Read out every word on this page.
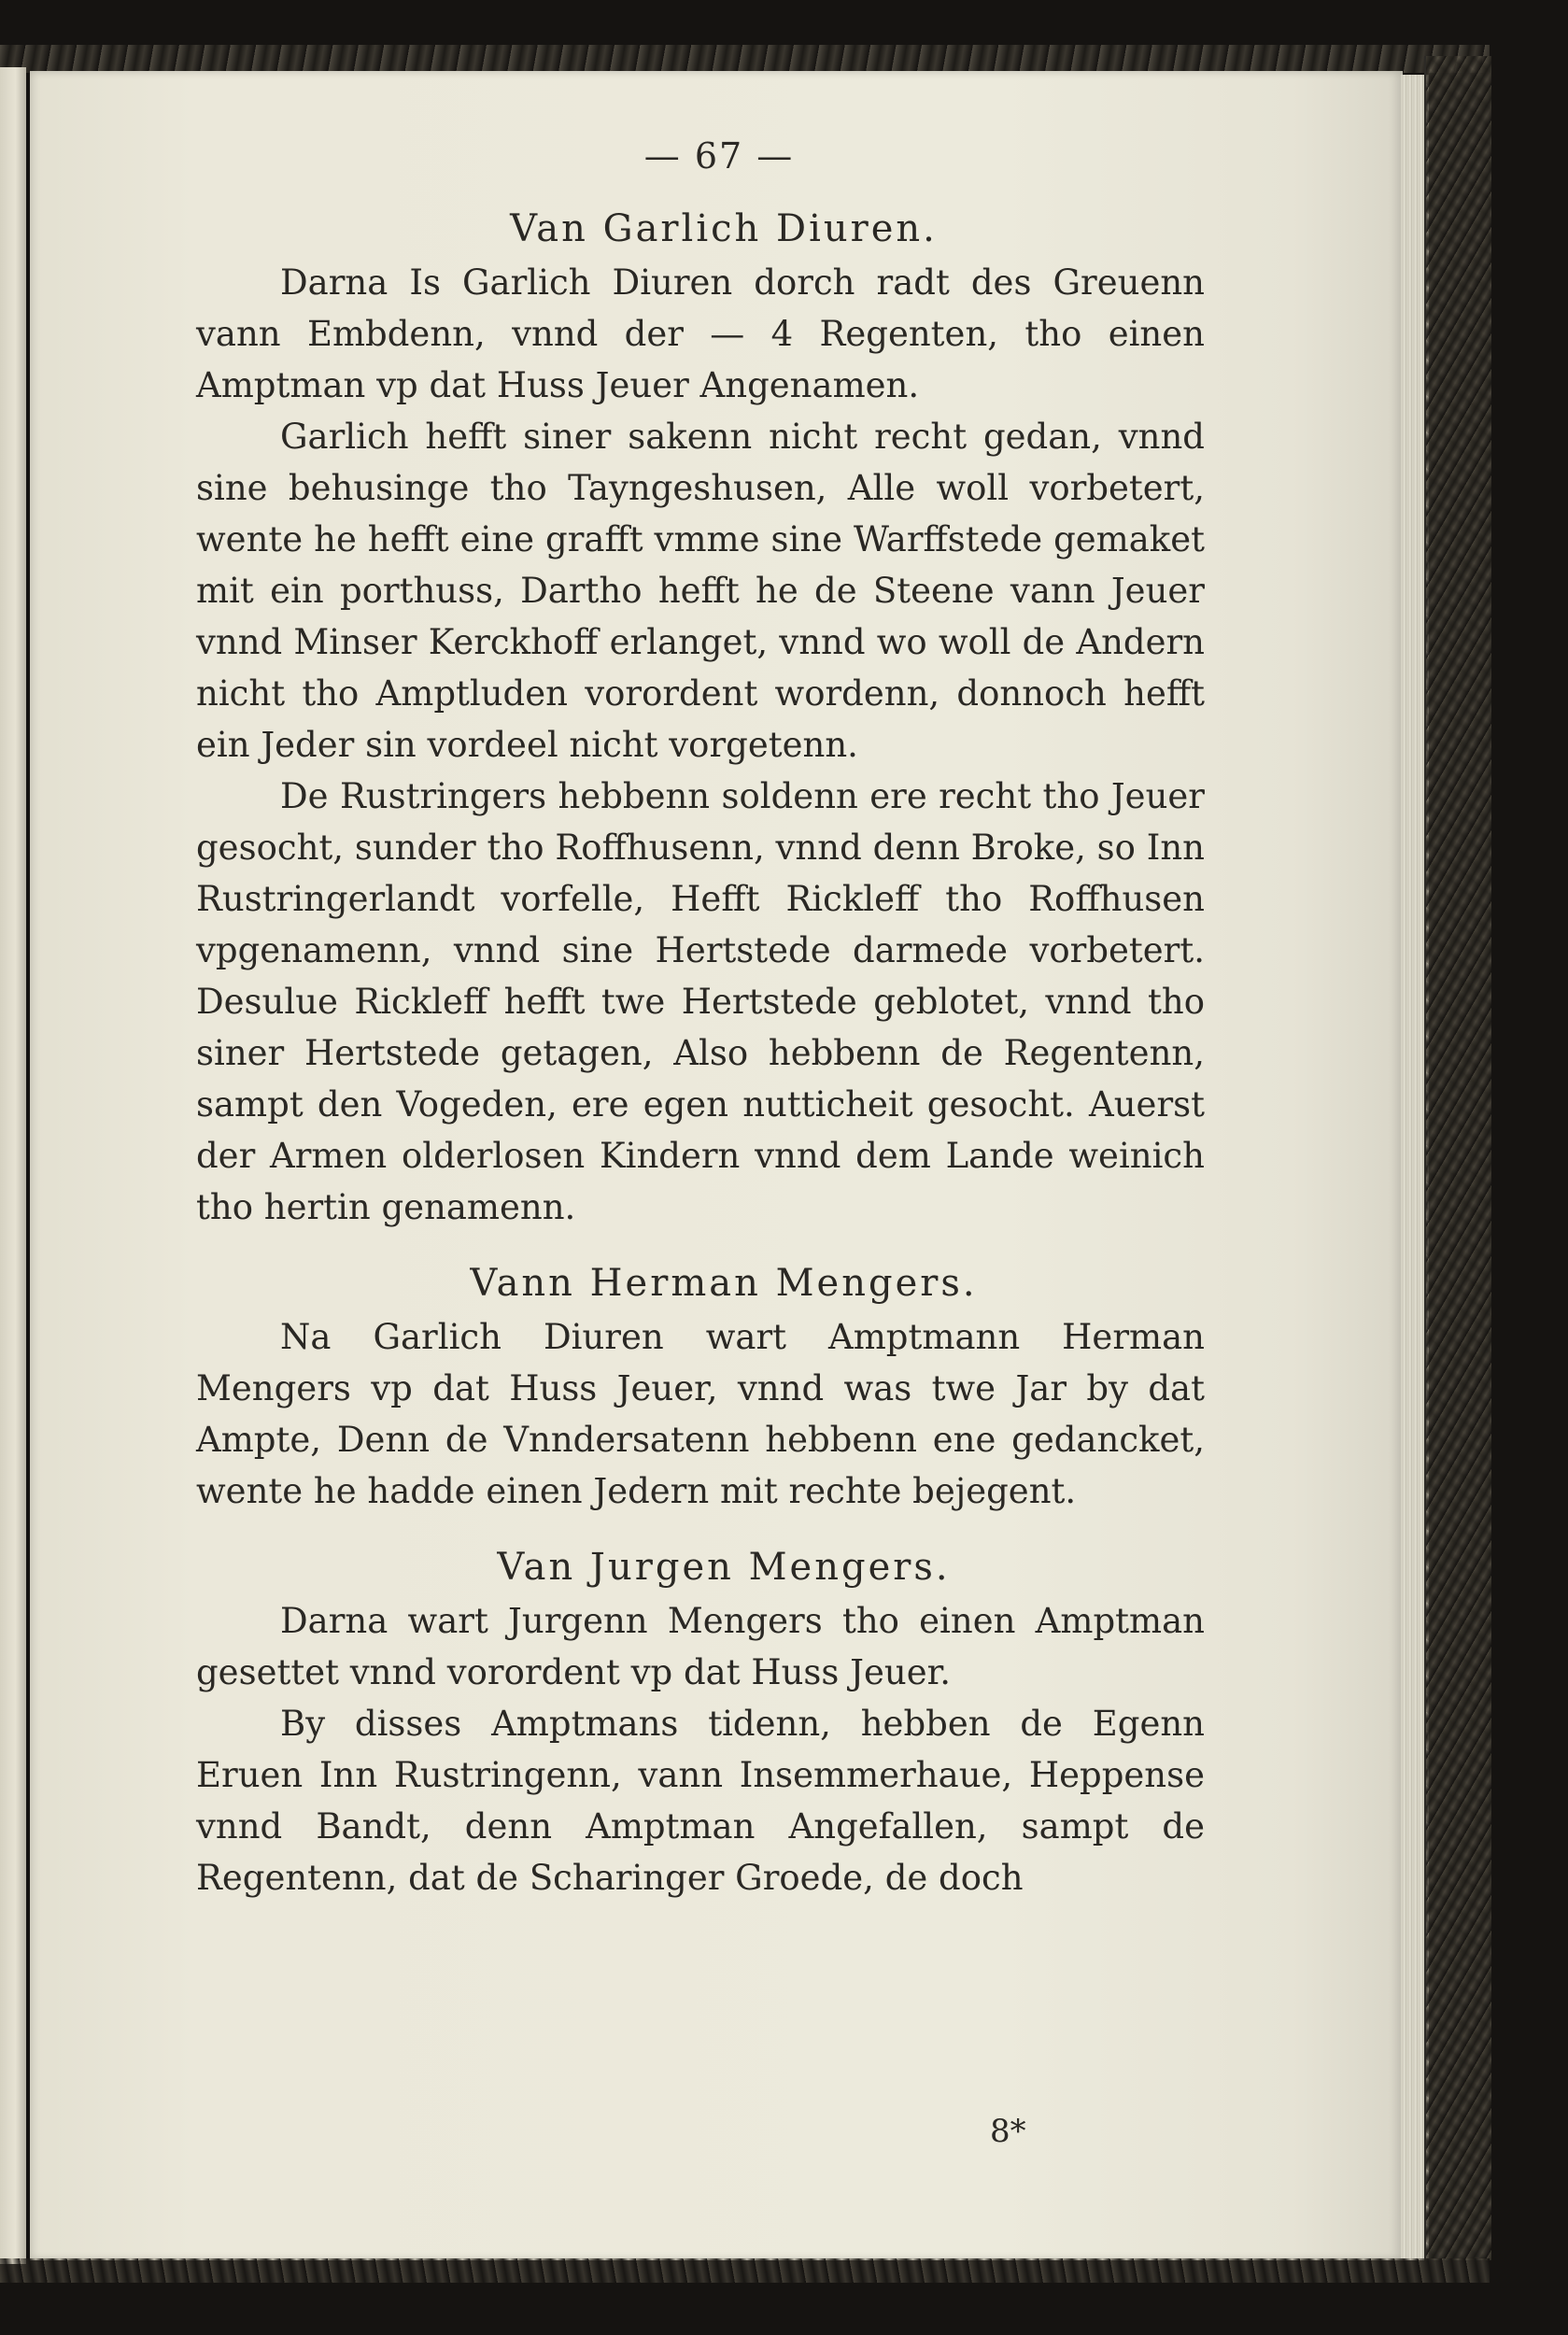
— 67 —
Van Garlich Diuren.

Darna Is Garlich Diuren dorch radt des Greuenn vann Embdenn, vnnd der — 4 Regenten, tho einen Amptman vp dat Huss Jeuer Angenamen.

Garlich hefft siner sakenn nicht recht gedan, vnnd sine behusinge tho Tayngeshusen, Alle woll vorbetert, wente he hefft eine grafft vmme sine Warffstede gemaket mit ein porthuss, Dartho hefft he de Steene vann Jeuer vnnd Minser Kerckhoff erlanget, vnnd wo woll de Andern nicht tho Amptluden vorordent wordenn, donnoch hefft ein Jeder sin vordeel nicht vorgetenn.

De Rustringers hebbenn soldenn ere recht tho Jeuer gesocht, sunder tho Roffhusenn, vnnd denn Broke, so Inn Rustringerlandt vorfelle, Hefft Rickleff tho Roffhusen vpgenamenn, vnnd sine Hertstede darmede vorbetert. Desulue Rickleff hefft twe Hertstede geblotet, vnnd tho siner Hertstede getagen, Also hebbenn de Regentenn, sampt den Vogeden, ere egen nutticheit gesocht. Auerst der Armen olderlosen Kindern vnnd dem Lande weinich tho hertin genamenn.

Vann Herman Mengers.

Na Garlich Diuren wart Amptmann Herman Mengers vp dat Huss Jeuer, vnnd was twe Jar by dat Ampte, Denn de Vnndersatenn hebbenn ene gedancket, wente he hadde einen Jedern mit rechte bejegent.

Van Jurgen Mengers.

Darna wart Jurgenn Mengers tho einen Amptman gesettet vnnd vorordent vp dat Huss Jeuer.

By disses Amptmans tidenn, hebben de Egenn Eruen Inn Rustringenn, vann Insemmerhaue, Heppense vnnd Bandt, denn Amptman Angefallen, sampt de Regentenn, dat de Scharinger Groede, de doch

8*
